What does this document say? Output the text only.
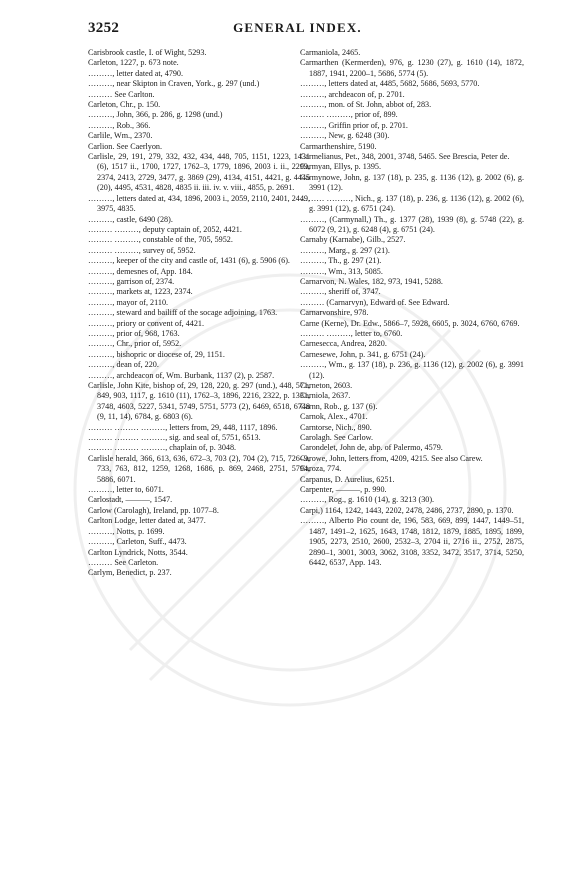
3252	GENERAL INDEX.

Carisbrook castle, I. of Wight, 5293.

Carleton, 1227, p. 673 note.

………, letter dated at, 4790.

………, near Skipton in Craven, York., g. 297 (und.)

……… See Carlton.

Carleton, Chr., p. 150.

………, John, 366, p. 286, g. 1298 (und.)

………, Rob., 366.

Carlile, Wm., 2370.

Carlion. See Caerlyon.

Carlisle, 29, 191, 279, 332, 432, 434, 448, 705, 1151, 1223, 1431 (6), 1517 ii., 1700, 1727, 1762–3, 1779, 1896, 2003 i. ii., 2299, 2374, 2413, 2729, 3477, g. 3869 (29), 4134, 4151, 4421, g. 4445 (20), 4495, 4531, 4828, 4835 ii. iii. iv. v. viii., 4855, p. 2691.

………, letters dated at, 434, 1896, 2003 i., 2059, 2110, 2401, 2449, 3975, 4835.

………, castle, 6490 (28).

……… ………, deputy captain of, 2052, 4421.

……… ………, constable of the, 705, 5952.

……… ………, survey of, 5952.

………, keeper of the city and castle of, 1431 (6), g. 5906 (6).

………, demesnes of, App. 184.

………, garrison of, 2374.

………, markets at, 1223, 2374.

………, mayor of, 2110.

………, steward and bailiff of the socage adjoining, 1763.

………, priory or convent of, 4421.

………, prior of, 968, 1763.

………, Chr., prior of, 5952.

………, bishopric or diocese of, 29, 1151.

………, dean of, 220.

………, archdeacon of, Wm. Burbank, 1137 (2), p. 2587.

Carlisle, John Kite, bishop of, 29, 128, 220, g. 297 (und.), 448, 571, 849, 903, 1117, g. 1610 (11), 1762–3, 1896, 2216, 2322, p. 1331, 3748, 4603, 5227, 5341, 5749, 5751, 5773 (2), 6469, 6518, 6748 (9, 11, 14), 6784, g. 6803 (6).

……… ……… ………, letters from, 29, 448, 1117, 1896.

……… ……… ………, sig. and seal of, 5751, 6513.

……… ……… ………, chaplain of, p. 3048.

Carlisle herald, 366, 613, 636, 672–3, 703 (2), 704 (2), 715, 726–9, 733, 763, 812, 1259, 1268, 1686, p. 869, 2468, 2751, 5794, 5886, 6071.

………, letter to, 6071.

Carlostadt, ———, 1547.

Carlow (Carolagh), Ireland, pp. 1077–8.

Carlton Lodge, letter dated at, 3477.

………, Notts, p. 1699.

………, Carleton, Suff., 4473.

Carlton Lyndrick, Notts, 3544.

……… See Carleton.

Carlym, Benedict, p. 237.

Carmaniola, 2465.

Carmarthen (Kermerden), 976, g. 1230 (27), g. 1610 (14), 1872, 1887, 1941, 2200–1, 5686, 5774 (5).

………, letters dated at, 4485, 5682, 5686, 5693, 5770.

………, archdeacon of, p. 2701.

………, mon. of St. John, abbot of, 283.

……… ………, prior of, 899.

………, Griffin prior of, p. 2701.

………, New, g. 6248 (30).

Carmarthenshire, 5190.

Carmelianus, Pet., 348, 2001, 3748, 5465. See Brescia, Peter de.

Carmyan, Ellys, p. 1395.

Carmynowe, John, g. 137 (18), p. 235, g. 1136 (12), g. 2002 (6), g. 3991 (12).

……… ………, Nich., g. 137 (18), p. 236, g. 1136 (12), g. 2002 (6), g. 3991 (12), g. 6751 (24).

………, (Carmynall,) Th., g. 1377 (28), 1939 (8), g. 5748 (22), g. 6072 (9, 21), g. 6248 (4), g. 6751 (24).

Carnaby (Karnabe), Gilb., 2527.

………, Marg., g. 297 (21).

………, Th., g. 297 (21).

………, Wm., 313, 5085.

Carnarvon, N. Wales, 182, 973, 1941, 5288.

………, sheriff of, 3747.

……… (Carnarvyn), Edward of. See Edward.

Carnarvonshire, 978.

Carne (Kerne), Dr. Edw., 5866–7, 5928, 6605, p. 3024, 6760, 6769.

……… ………, letter to, 6760.

Carnesecca, Andrea, 2820.

Carnesewe, John, p. 341, g. 6751 (24).

………, Wm., g. 137 (18), p. 236, g. 1136 (12), g. 2002 (6), g. 3991 (12).

Carneton, 2603.

Carniola, 2637.

Carnn, Rob., g. 137 (6).

Carnok, Alex., 4701.

Carntorse, Nich., 890.

Carolagh. See Carlow.

Carondelet, John de, abp. of Palermo, 4579.

Carowe, John, letters from, 4209, 4215. See also Carew.

Caroza, 774.

Carpanus, D. Aurelius, 6251.

Carpenter, ———, p. 990.

………, Rog., g. 1610 (14), g. 3213 (30).

Carpi,) 1164, 1242, 1443, 2202, 2478, 2486, 2737, 2890, p. 1370.

………, Alberto Pio count de, 196, 583, 669, 899, 1447, 1449–51, 1487, 1491–2, 1625, 1643, 1748, 1812, 1879, 1885, 1895, 1899, 1905, 2273, 2510, 2600, 2532–3, 2704 ii, 2716 ii., 2752, 2875, 2890–1, 3001, 3003, 3062, 3108, 3352, 3472, 3517, 3714, 5250, 6442, 6537, App. 143.
